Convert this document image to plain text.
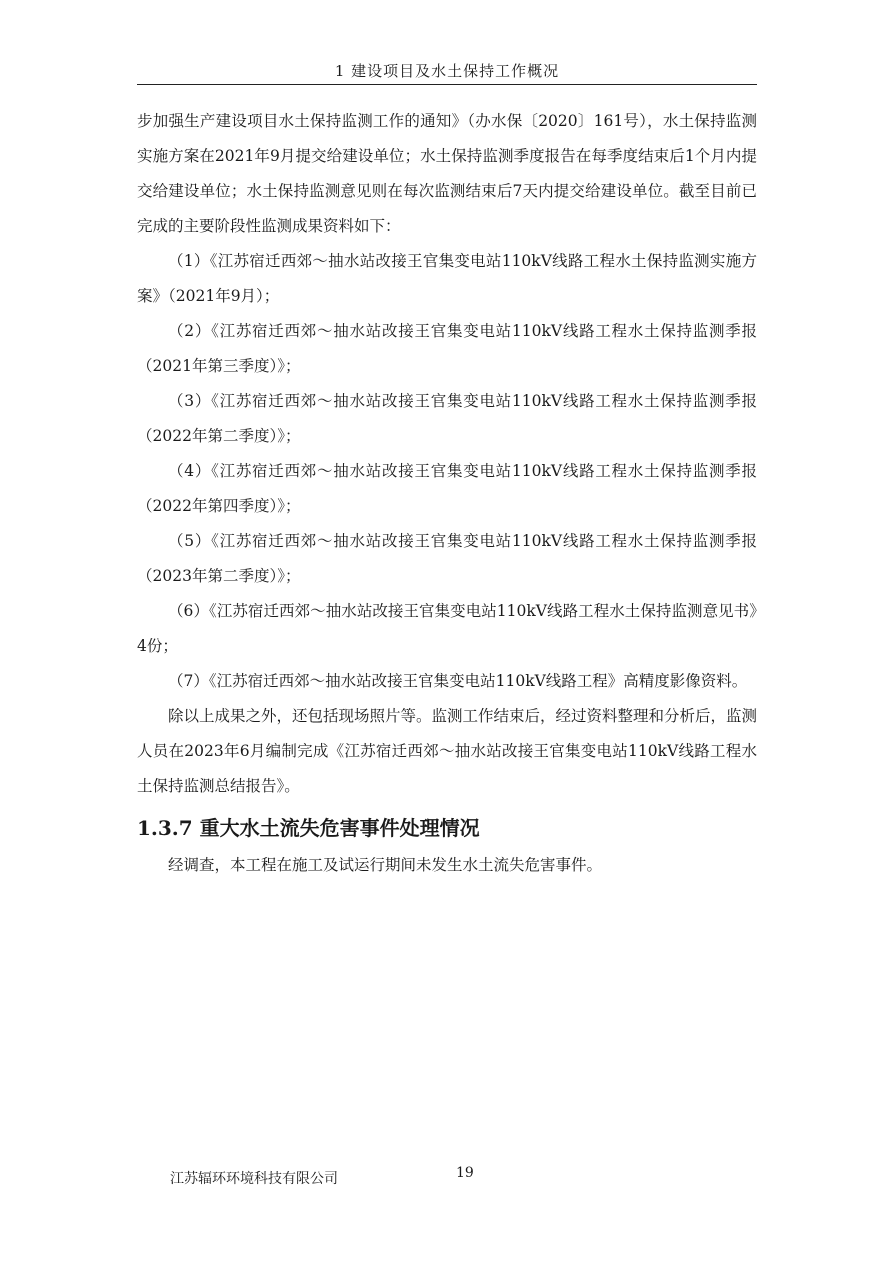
1 建设项目及水土保持工作概况

步加强生产建设项目水土保持监测工作的通知》（办水保〔2020〕161号），水土保持监测实施方案在2021年9月提交给建设单位；水土保持监测季度报告在每季度结束后1个月内提交给建设单位；水土保持监测意见则在每次监测结束后7天内提交给建设单位。截至目前已完成的主要阶段性监测成果资料如下：

（1）《江苏宿迁西郊～抽水站改接王官集变电站110kV线路工程水土保持监测实施方案》（2021年9月）；

（2）《江苏宿迁西郊～抽水站改接王官集变电站110kV线路工程水土保持监测季报（2021年第三季度）》；

（3）《江苏宿迁西郊～抽水站改接王官集变电站110kV线路工程水土保持监测季报（2022年第二季度）》；

（4）《江苏宿迁西郊～抽水站改接王官集变电站110kV线路工程水土保持监测季报（2022年第四季度）》；

（5）《江苏宿迁西郊～抽水站改接王官集变电站110kV线路工程水土保持监测季报（2023年第二季度）》；

（6）《江苏宿迁西郊～抽水站改接王官集变电站110kV线路工程水土保持监测意见书》4份；

（7）《江苏宿迁西郊～抽水站改接王官集变电站110kV线路工程》高精度影像资料。

除以上成果之外，还包括现场照片等。监测工作结束后，经过资料整理和分析后，监测人员在2023年6月编制完成《江苏宿迁西郊～抽水站改接王官集变电站110kV线路工程水土保持监测总结报告》。

1.3.7 重大水土流失危害事件处理情况

经调查，本工程在施工及试运行期间未发生水土流失危害事件。

江苏辐环环境科技有限公司	19
